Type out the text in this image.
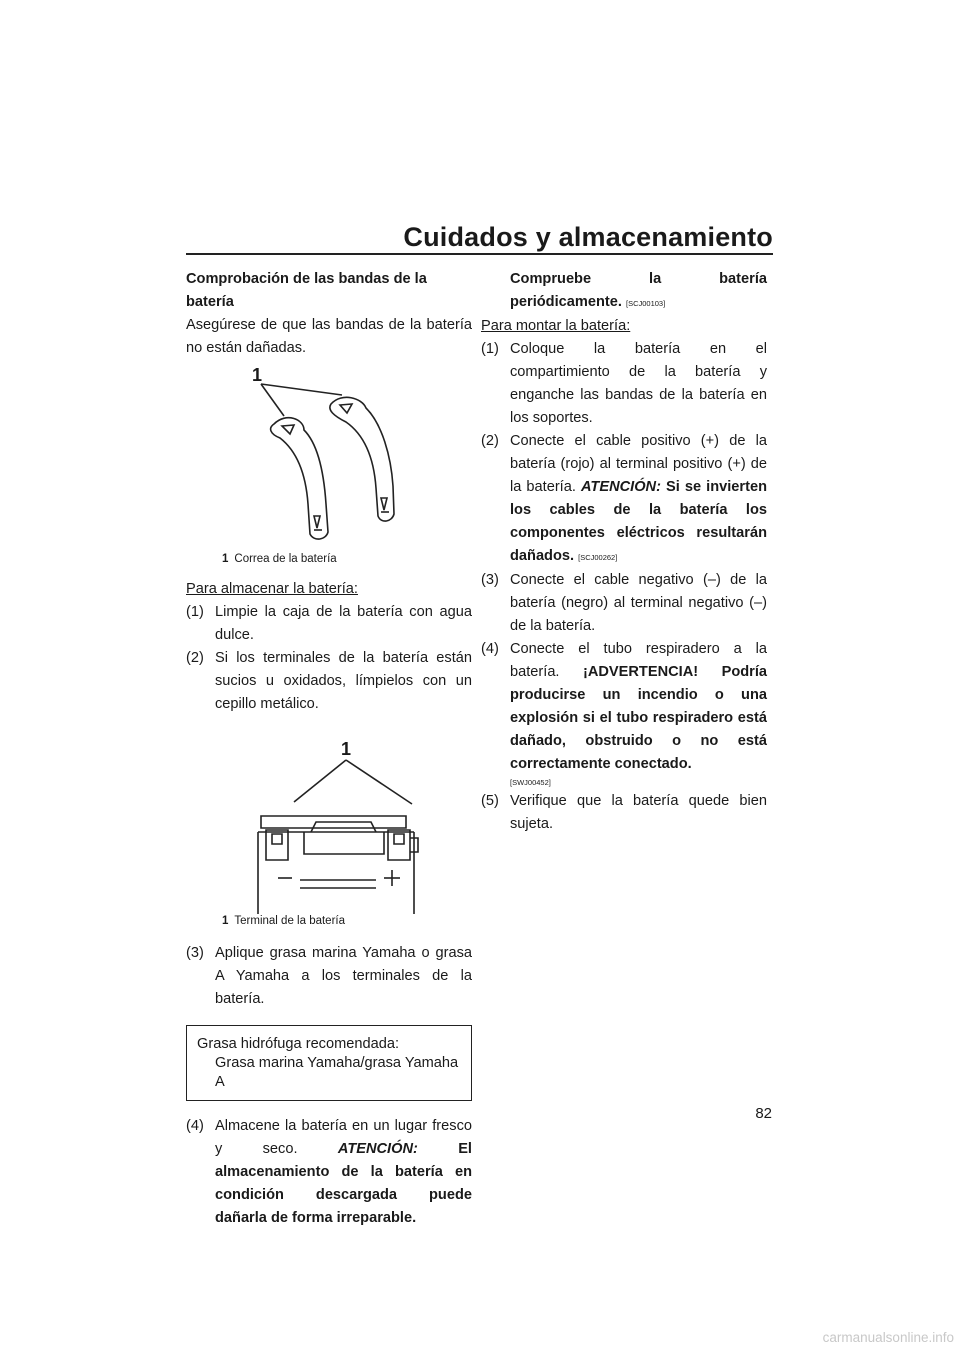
Cuidados y almacenamiento

Comprobación de las bandas de la batería

Asegúrese de que las bandas de la batería no están dañadas.

1

1 Correa de la batería

Para almacenar la batería:

(1) Limpie la caja de la batería con agua dulce.
(2) Si los terminales de la batería están sucios u oxidados, límpielos con un cepillo metálico.
1

1 Terminal de la batería

(3) Aplique grasa marina Yamaha o grasa A Yamaha a los terminales de la batería.
Grasa hidrófuga recomendada:
Grasa marina Yamaha/grasa Yamaha A
(4) Almacene la batería en un lugar fresco y seco.	ATENCIÓN:	El almacenamiento de la batería en condición descargada puede dañarla de forma irreparable.
Compruebe la batería periódicamente. [SCJ00103]

Para montar la batería:

(1) Coloque la batería en el compartimiento de la batería y enganche las bandas de la batería en los soportes.
(2) Conecte el cable positivo (+) de la batería (rojo) al terminal positivo (+) de la batería. ATENCIÓN: Si se invierten los cables de la batería los componentes eléctricos resultarán dañados. [SCJ00262]
(3) Conecte el cable negativo (–) de la batería (negro) al terminal negativo (–) de la batería.
(4) Conecte el tubo respiradero a la batería. ¡ADVERTENCIA! Podría producirse un incendio o una explosión si el tubo respiradero está dañado, obstruido o no está correctamente conectado.
[SWJ00452]
(5) Verifique que la batería quede bien sujeta.
82
carmanualsonline.info
